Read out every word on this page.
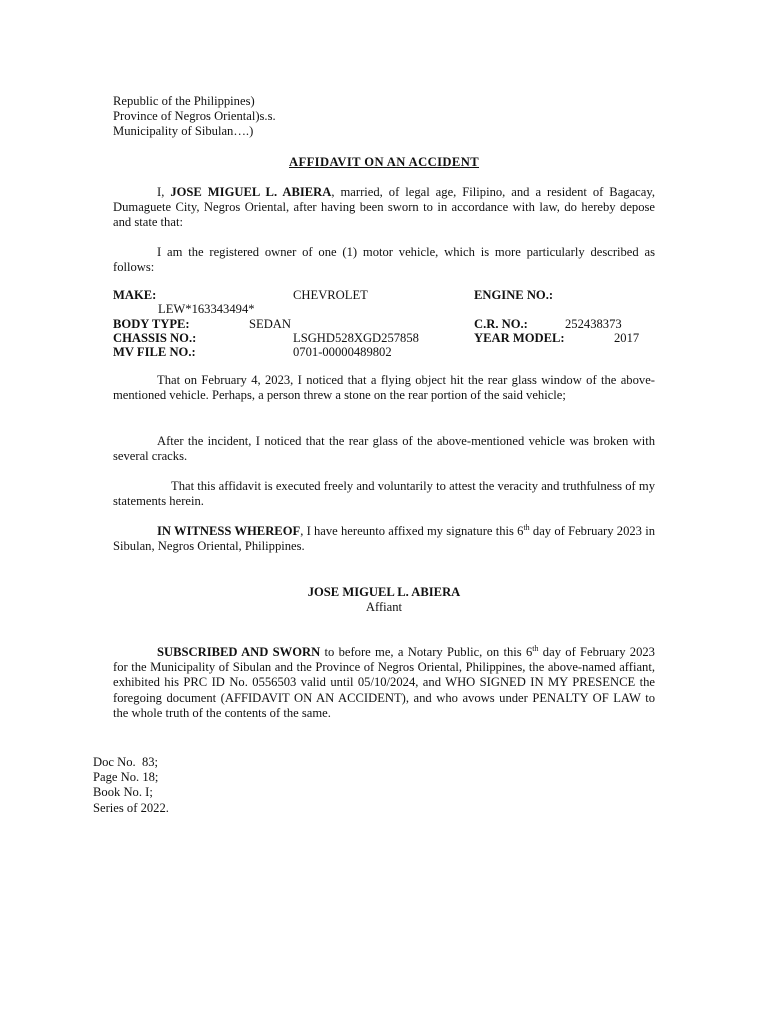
Republic of the Philippines)
Province of Negros Oriental)s.s.
Municipality of Sibulan….)
AFFIDAVIT ON AN ACCIDENT

I, JOSE MIGUEL L. ABIERA, married, of legal age, Filipino, and a resident of Bagacay, Dumaguete City, Negros Oriental, after having been sworn to in accordance with law, do hereby depose and state that:

I am the registered owner of one (1) motor vehicle, which is more particularly described as follows:

MAKE:	CHEVROLET	ENGINE NO.:
LEW*163343494*
BODY TYPE:	SEDAN	C.R. NO.:	252438373
CHASSIS NO.:	LSGHD528XGD257858	YEAR MODEL:	2017
MV FILE NO.:	0701-00000489802

That on February 4, 2023, I noticed that a flying object hit the rear glass window of the above-mentioned vehicle. Perhaps, a person threw a stone on the rear portion of the said vehicle;

After the incident, I noticed that the rear glass of the above-mentioned vehicle was broken with several cracks.

That this affidavit is executed freely and voluntarily to attest the veracity and truthfulness of my statements herein.

IN WITNESS WHEREOF, I have hereunto affixed my signature this 6th day of February 2023 in Sibulan, Negros Oriental, Philippines.

JOSE MIGUEL L. ABIERA
Affiant

SUBSCRIBED AND SWORN to before me, a Notary Public, on this 6th day of February 2023 for the Municipality of Sibulan and the Province of Negros Oriental, Philippines, the above-named affiant, exhibited his PRC ID No. 0556503 valid until 05/10/2024, and WHO SIGNED IN MY PRESENCE the foregoing document (AFFIDAVIT ON AN ACCIDENT), and who avows under PENALTY OF LAW to the whole truth of the contents of the same.

Doc No.  83;
Page No. 18;
Book No. I;
Series of 2022.
